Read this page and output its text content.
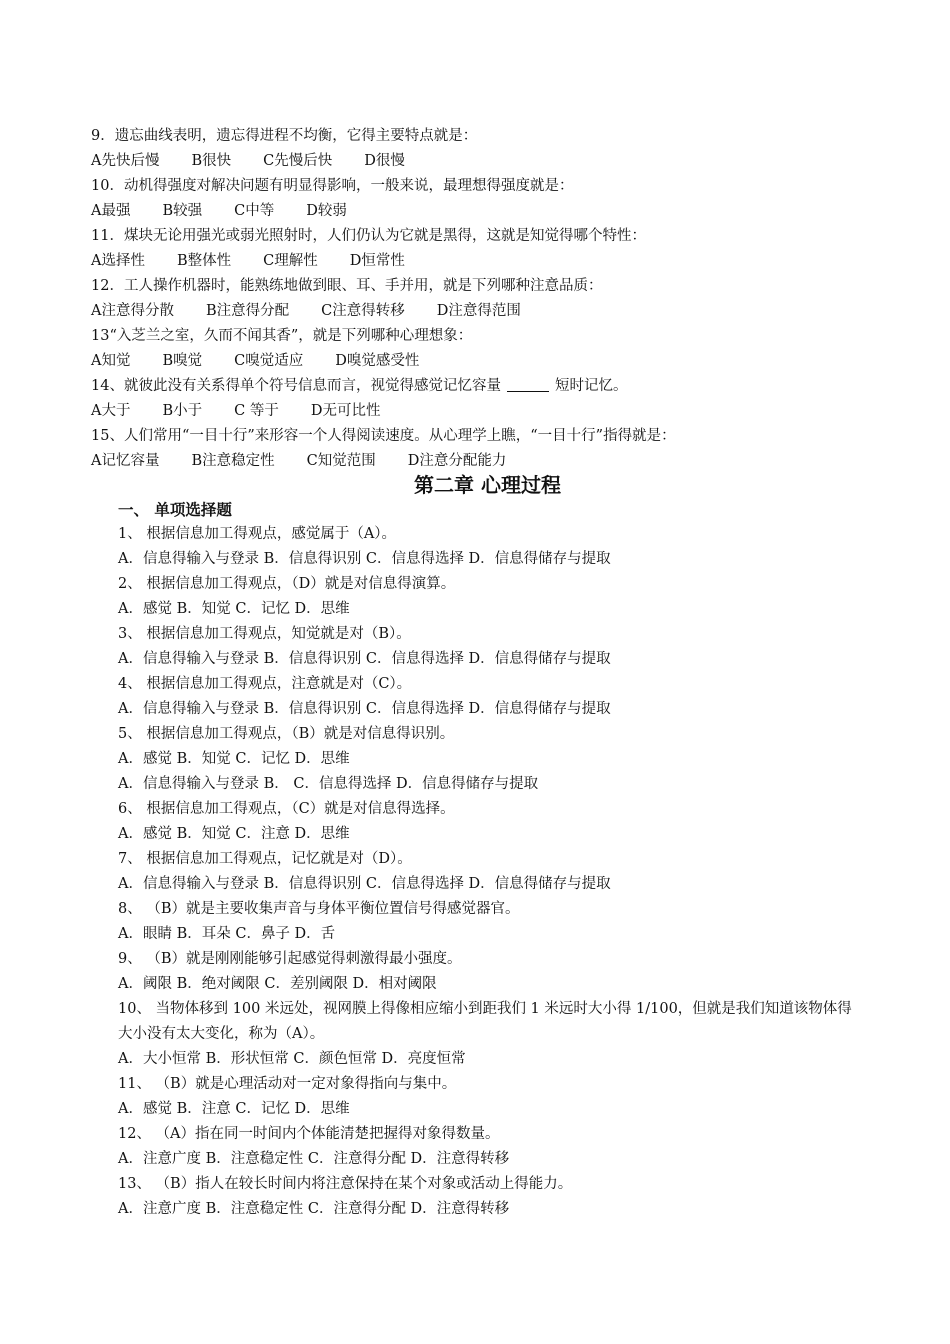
9．遗忘曲线表明，遗忘得进程不均衡，它得主要特点就是：
A先快后慢 B很快 C先慢后快 D很慢
10．动机得强度对解决问题有明显得影响，一般来说，最理想得强度就是：
A最强 B较强 C中等 D较弱
11．煤块无论用强光或弱光照射时，人们仍认为它就是黑得，这就是知觉得哪个特性：
A选择性 B整体性 C理解性 D恒常性
12．工人操作机器时，能熟练地做到眼、耳、手并用，就是下列哪种注意品质：
A注意得分散 B注意得分配 C注意得转移 D注意得范围
13“入芝兰之室，久而不闻其香”，就是下列哪种心理想象：
A知觉 B嗅觉 C嗅觉适应 D嗅觉感受性
14、就彼此没有关系得单个符号信息而言，视觉得感觉记忆容量	短时记忆。
A大于 B小于 C 等于 D无可比性
15、人们常用“一目十行”来形容一个人得阅读速度。从心理学上瞧，“一目十行”指得就是：
A记忆容量 B注意稳定性 C知觉范围 D注意分配能力
第二章 心理过程
一、 单项选择题
1、 根据信息加工得观点，感觉属于（A）。
A．信息得输入与登录 B．信息得识别 C．信息得选择 D．信息得储存与提取
2、 根据信息加工得观点，（D）就是对信息得演算。
A．感觉 B．知觉 C．记忆 D．思维
3、 根据信息加工得观点，知觉就是对（B）。
A．信息得输入与登录 B．信息得识别 C．信息得选择 D．信息得储存与提取
4、 根据信息加工得观点，注意就是对（C）。
A．信息得输入与登录 B．信息得识别 C．信息得选择 D．信息得储存与提取
5、 根据信息加工得观点，（B）就是对信息得识别。
A．感觉 B．知觉 C．记忆 D．思维
A．信息得输入与登录 B． C．信息得选择 D．信息得储存与提取
6、 根据信息加工得观点，（C）就是对信息得选择。
A．感觉 B．知觉 C．注意 D．思维
7、 根据信息加工得观点，记忆就是对（D）。
A．信息得输入与登录 B．信息得识别 C．信息得选择 D．信息得储存与提取
8、 （B）就是主要收集声音与身体平衡位置信号得感觉器官。
A．眼睛 B．耳朵 C．鼻子 D．舌
9、 （B）就是刚刚能够引起感觉得刺激得最小强度。
A．阈限 B．绝对阈限 C．差别阈限 D．相对阈限
10、 当物体移到 100 米远处，视网膜上得像相应缩小到距我们 1 米远时大小得 1/100，但就是我们知道该物体得大小没有太大变化，称为（A）。
A．大小恒常 B．形状恒常 C．颜色恒常 D．亮度恒常
11、 （B）就是心理活动对一定对象得指向与集中。
A．感觉 B．注意 C．记忆 D．思维
12、 （A）指在同一时间内个体能清楚把握得对象得数量。
A．注意广度 B．注意稳定性 C．注意得分配 D．注意得转移
13、 （B）指人在较长时间内将注意保持在某个对象或活动上得能力。
A．注意广度 B．注意稳定性 C．注意得分配 D．注意得转移
